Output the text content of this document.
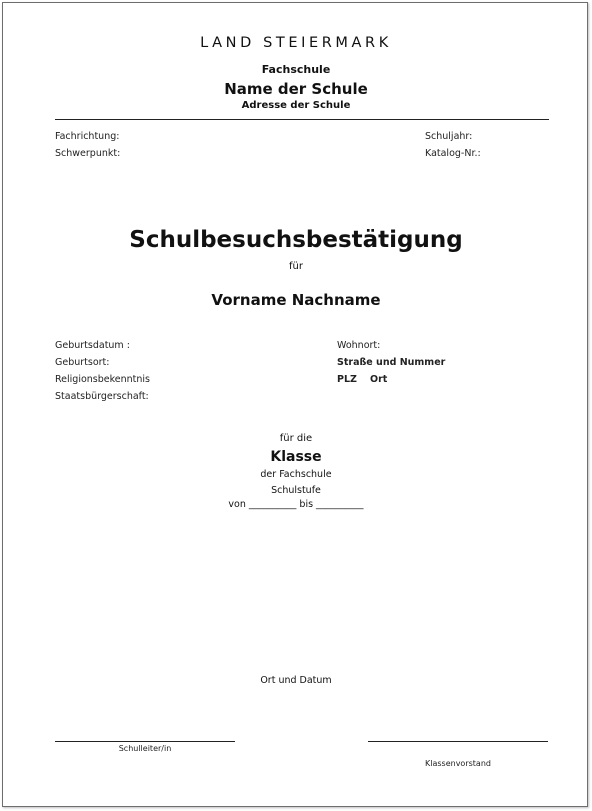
LAND STEIERMARK
Fachschule
Name der Schule
Adresse der Schule
Fachrichtung:
Schwerpunkt:
Schuljahr:
Katalog-Nr.:
Schulbesuchsbestätigung
für
Vorname Nachname
Geburtsdatum :
Geburtsort:
Religionsbekenntnis
Staatsbürgerschaft:
Wohnort:
Straße und Nummer
PLZ Ort
für die
Klasse
der Fachschule
Schulstufe
von __________ bis __________
Ort und Datum
Schulleiter/in
Klassenvorstand
